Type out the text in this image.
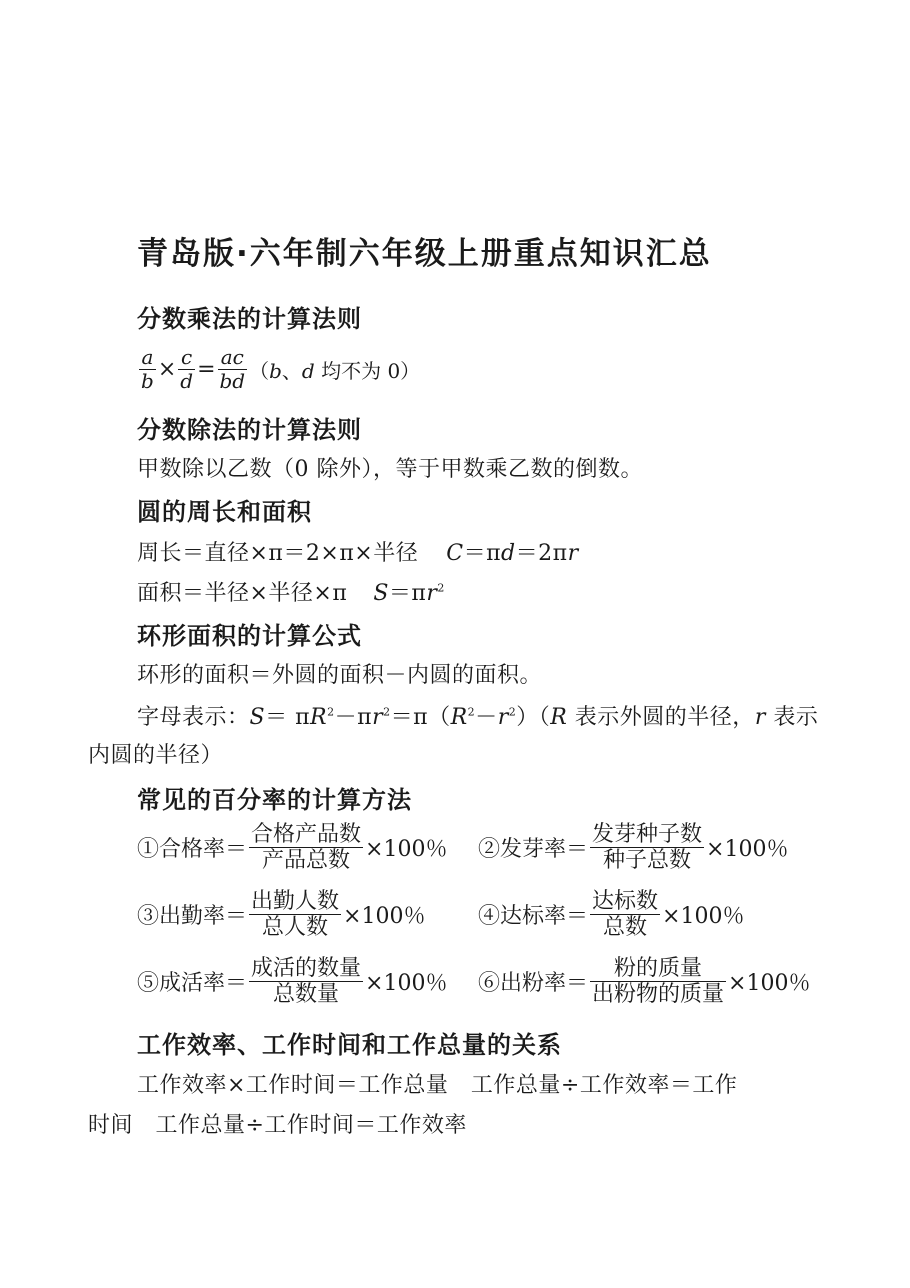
青岛版·六年制六年级上册重点知识汇总
分数乘法的计算法则
$\frac{a}{b} \times \frac{c}{d} = \frac{ac}{bd} (b$、d 均不为 0）
分数除法的计算法则
甲数除以乙数（0 除外），等于甲数乘乙数的倒数。
圆的周长和面积
周长＝直径×π＝2×π×半径 C＝πd＝2πr
面积＝半径×半径×π $S=\pi r^2$
环形面积的计算公式
环形的面积＝外圆的面积－内圆的面积。
字母表示：$S= \pi R^2-\pi r^2=\pi(R^2-r^2)(R$ 表示外圆的半径，r 表示
内圆的半径）
常见的百分率的计算方法
①合格率＝ $\frac{\text{合格产品数}}{\text{产品总数}} \times 100$％ ②发芽率＝ $\frac{\text{发芽种子数}}{\text{种子总数}} \times 100$％
③出勤率＝ $\frac{\text{出勤人数}}{\text{总人数}} \times 100$％ ④达标率＝ $\frac{\text{达标数}}{\text{总数}} \times 100$％
⑤成活率＝ $\frac{\text{成活的数量}}{\text{总数量}} \times 100$％ ⑥出粉率＝ $\frac{\text{粉的质量}}{\text{出粉物的质量}} \times 100$％
工作效率、工作时间和工作总量的关系
工作效率×工作时间＝工作总量　工作总量÷工作效率＝工作
时间　工作总量÷工作时间＝工作效率
